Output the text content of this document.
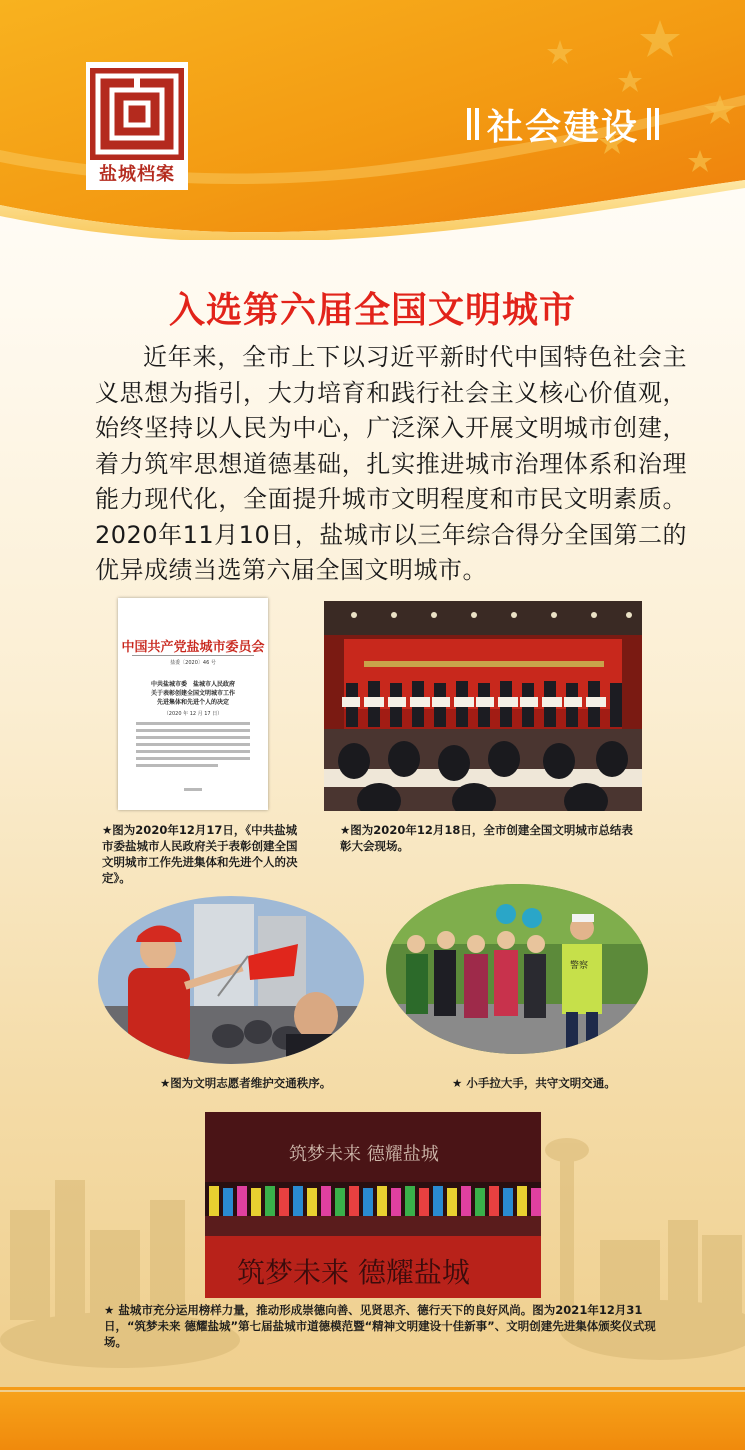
盐城档案
社会建设
入选第六届全国文明城市
近年来，全市上下以习近平新时代中国特色社会主义思想为指引，大力培育和践行社会主义核心价值观，始终坚持以人民为中心，广泛深入开展文明城市创建，着力筑牢思想道德基础，扎实推进城市治理体系和治理能力现代化，全面提升城市文明程度和市民文明素质。2020年11月10日，盐城市以三年综合得分全国第二的优异成绩当选第六届全国文明城市。
中国共产党盐城市委员会
盐委〔2020〕46 号
中共盐城市委　盐城市人民政府
关于表彰创建全国文明城市工作
先进集体和先进个人的决定
（2020 年 12 月 17 日）
★图为2020年12月17日，《中共盐城市委盐城市人民政府关于表彰创建全国文明城市工作先进集体和先进个人的决定》。
★图为2020年12月18日，全市创建全国文明城市总结表彰大会现场。
★图为文明志愿者维护交通秩序。
警察
★ 小手拉大手，共守文明交通。
筑梦未来 德耀盐城
筑梦未来 德耀盐城
★ 盐城市充分运用榜样力量，推动形成崇德向善、见贤思齐、德行天下的良好风尚。图为2021年12月31日，“筑梦未来 德耀盐城”第七届盐城市道德模范暨“精神文明建设十佳新事”、文明创建先进集体颁奖仪式现场。
